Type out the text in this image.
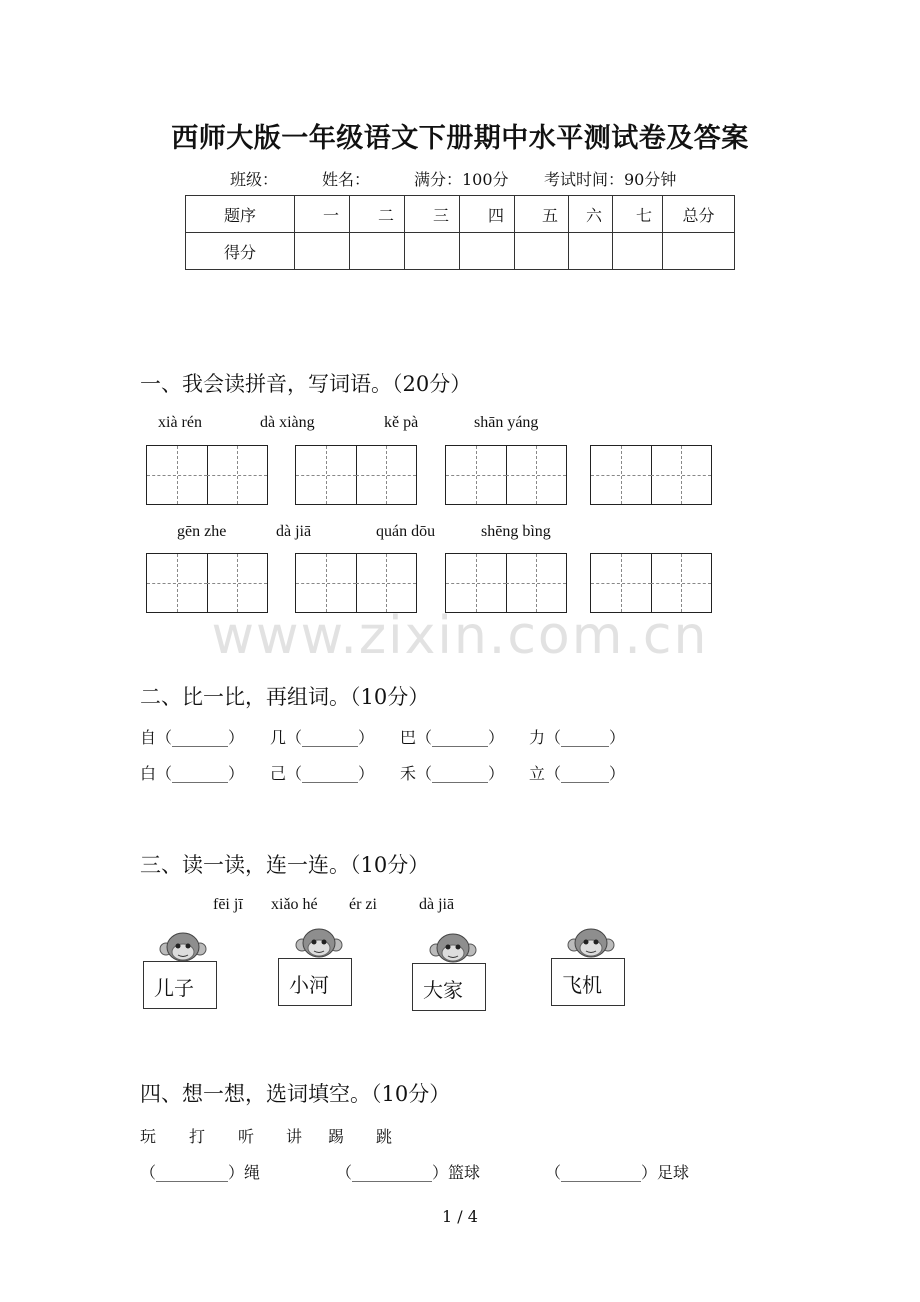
西师大版一年级语文下册期中水平测试卷及答案
班级：	姓名：	满分：100分 考试时间：90分钟
题序	一	二	三	四	五	六	七	总分
得分								
一、我会读拼音，写词语。（20分）
xià rén	dà xiàng	kě pà	shān yáng
gēn zhe	dà jiā	quán dōu	shēng bìng
www.zixin.com.cn
二、比一比，再组词。（10分）
自（_______） 几（_______） 巴（_______） 力（______）
白（_______） 己（_______） 禾（_______） 立（______）
三、读一读，连一连。（10分）
fēi jī xiǎo hé ér zi	dà jiā
儿子	小河	大家	飞机
四、想一想，选词填空。（10分）
玩 打 听 讲 踢 跳
（_________）绳	（__________）篮球	（__________）足球
1 / 4
